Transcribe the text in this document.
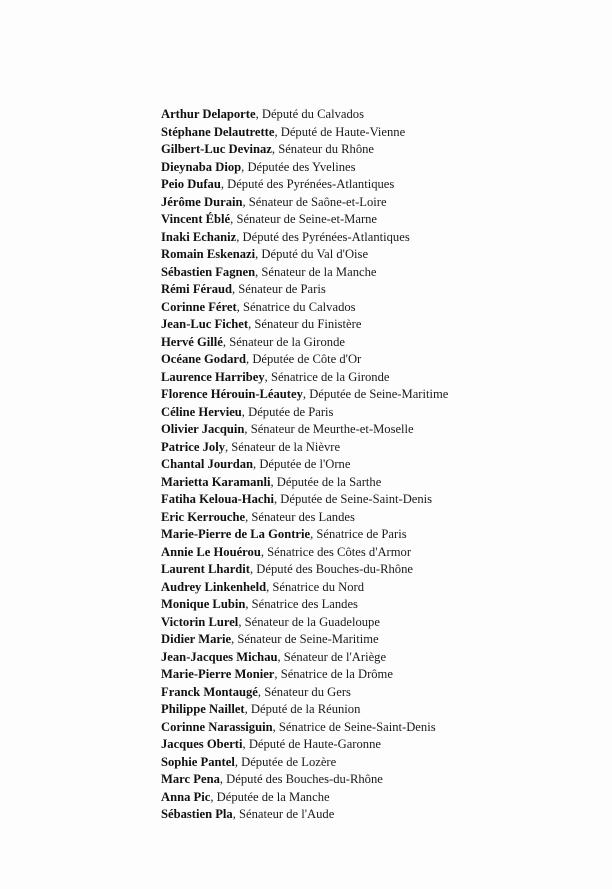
Arthur Delaporte, Député du Calvados
Stéphane Delautrette, Député de Haute-Vienne
Gilbert-Luc Devinaz, Sénateur du Rhône
Dieynaba Diop, Députée des Yvelines
Peio Dufau, Député des Pyrénées-Atlantiques
Jérôme Durain, Sénateur de Saône-et-Loire
Vincent Éblé, Sénateur de Seine-et-Marne
Inaki Echaniz, Député des Pyrénées-Atlantiques
Romain Eskenazi, Député du Val d'Oise
Sébastien Fagnen, Sénateur de la Manche
Rémi Féraud, Sénateur de Paris
Corinne Féret, Sénatrice du Calvados
Jean-Luc Fichet, Sénateur du Finistère
Hervé Gillé, Sénateur de la Gironde
Océane Godard, Députée de Côte d'Or
Laurence Harribey, Sénatrice de la Gironde
Florence Hérouin-Léautey, Députée de Seine-Maritime
Céline Hervieu, Députée de Paris
Olivier Jacquin, Sénateur de Meurthe-et-Moselle
Patrice Joly, Sénateur de la Nièvre
Chantal Jourdan, Députée de l'Orne
Marietta Karamanli, Députée de la Sarthe
Fatiha Keloua-Hachi, Députée de Seine-Saint-Denis
Eric Kerrouche, Sénateur des Landes
Marie-Pierre de La Gontrie, Sénatrice de Paris
Annie Le Houérou, Sénatrice des Côtes d'Armor
Laurent Lhardit, Député des Bouches-du-Rhône
Audrey Linkenheld, Sénatrice du Nord
Monique Lubin, Sénatrice des Landes
Victorin Lurel, Sénateur de la Guadeloupe
Didier Marie, Sénateur de Seine-Maritime
Jean-Jacques Michau, Sénateur de l'Ariège
Marie-Pierre Monier, Sénatrice de la Drôme
Franck Montaugé, Sénateur du Gers
Philippe Naillet, Député de la Réunion
Corinne Narassiguin, Sénatrice de Seine-Saint-Denis
Jacques Oberti, Député de Haute-Garonne
Sophie Pantel, Députée de Lozère
Marc Pena, Député des Bouches-du-Rhône
Anna Pic, Députée de la Manche
Sébastien Pla, Sénateur de l'Aude
